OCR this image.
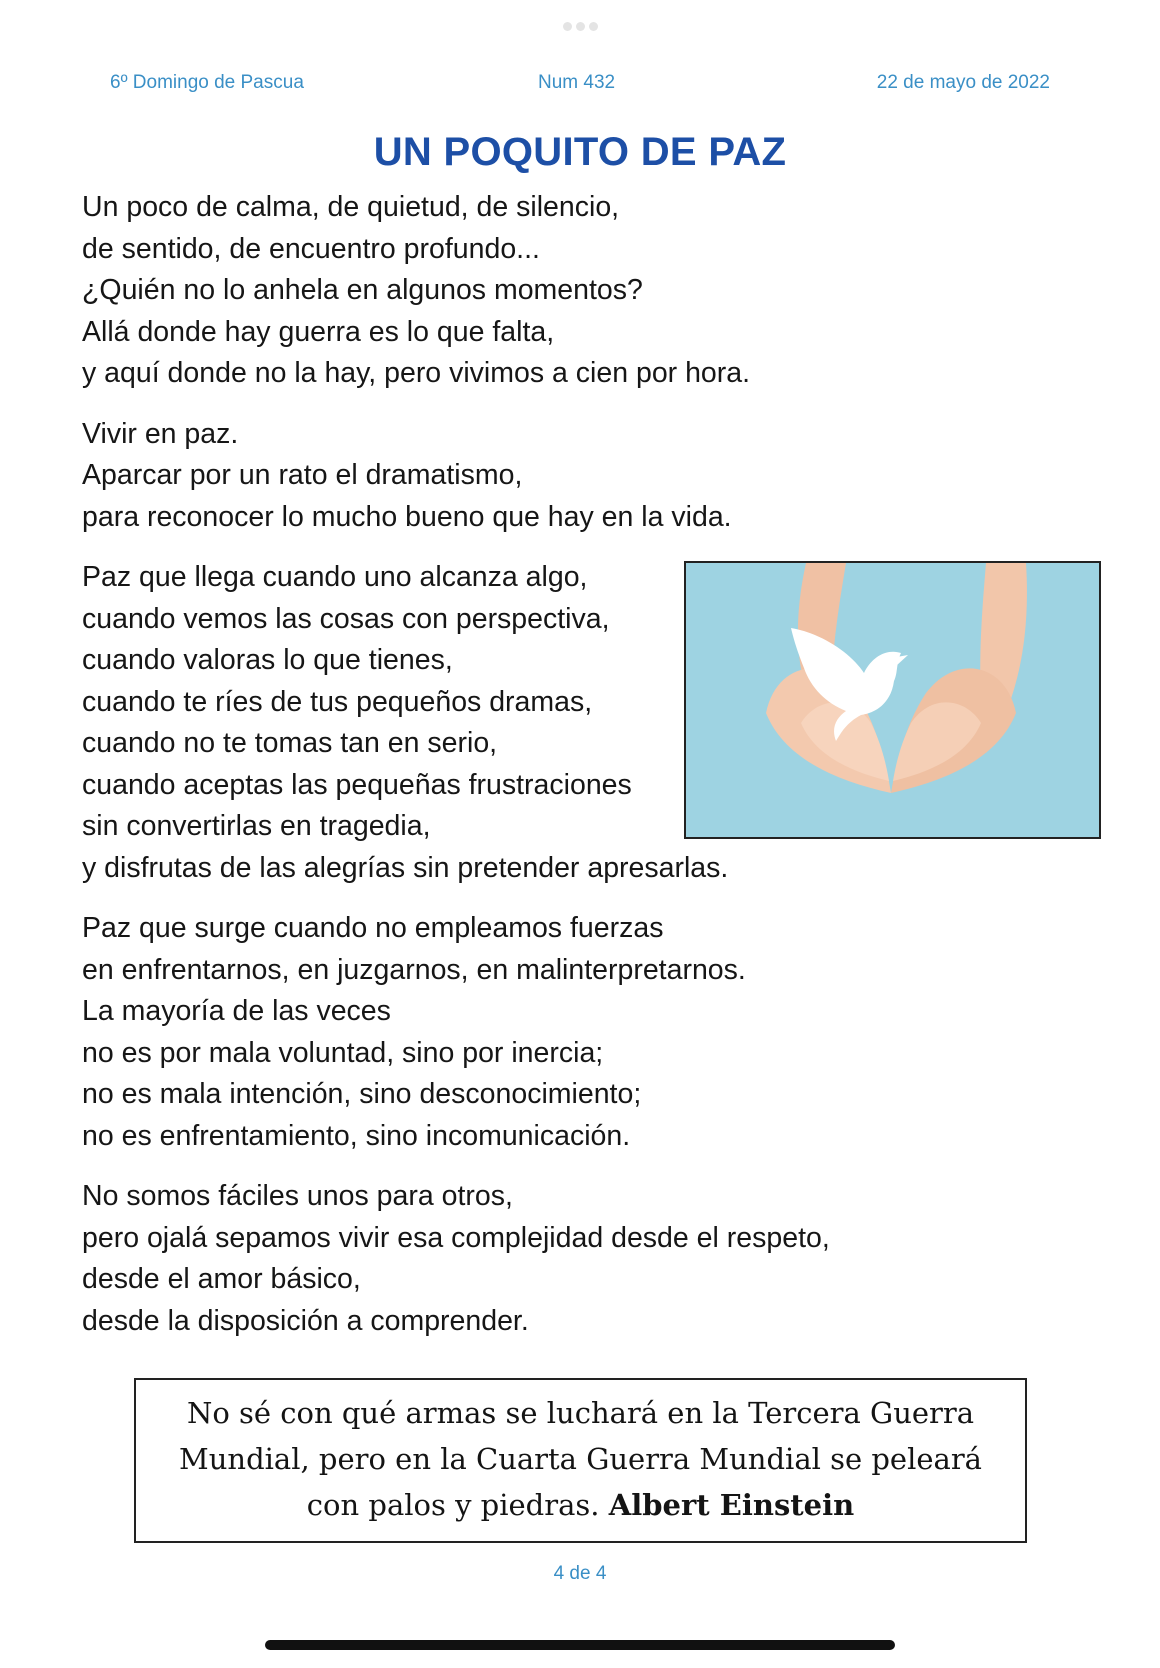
6º Domingo de Pascua	Num 432	22 de mayo de 2022
UN POQUITO DE PAZ
Un poco de calma, de quietud, de silencio,
de sentido, de encuentro profundo...
¿Quién no lo anhela en algunos momentos?
Allá donde hay guerra es lo que falta,
y aquí donde no la hay, pero vivimos a cien por hora.
Vivir en paz.
Aparcar por un rato el dramatismo,
para reconocer lo mucho bueno que hay en la vida.
Paz que llega cuando uno alcanza algo,
cuando vemos las cosas con perspectiva,
cuando valoras lo que tienes,
cuando te ríes de tus pequeños dramas,
cuando no te tomas tan en serio,
cuando aceptas las pequeñas frustraciones
sin convertirlas en tragedia,
y disfrutas de las alegrías sin pretender apresarlas.
Paz que surge cuando no empleamos fuerzas
en enfrentarnos, en juzgarnos, en malinterpretarnos.
La mayoría de las veces
no es por mala voluntad, sino por inercia;
no es mala intención, sino desconocimiento;
no es enfrentamiento, sino incomunicación.
No somos fáciles unos para otros,
pero ojalá sepamos vivir esa complejidad desde el respeto,
desde el amor básico,
desde la disposición a comprender.
No sé con qué armas se luchará en la Tercera Guerra Mundial, pero en la Cuarta Guerra Mundial se peleará con palos y piedras. Albert Einstein
4 de 4
